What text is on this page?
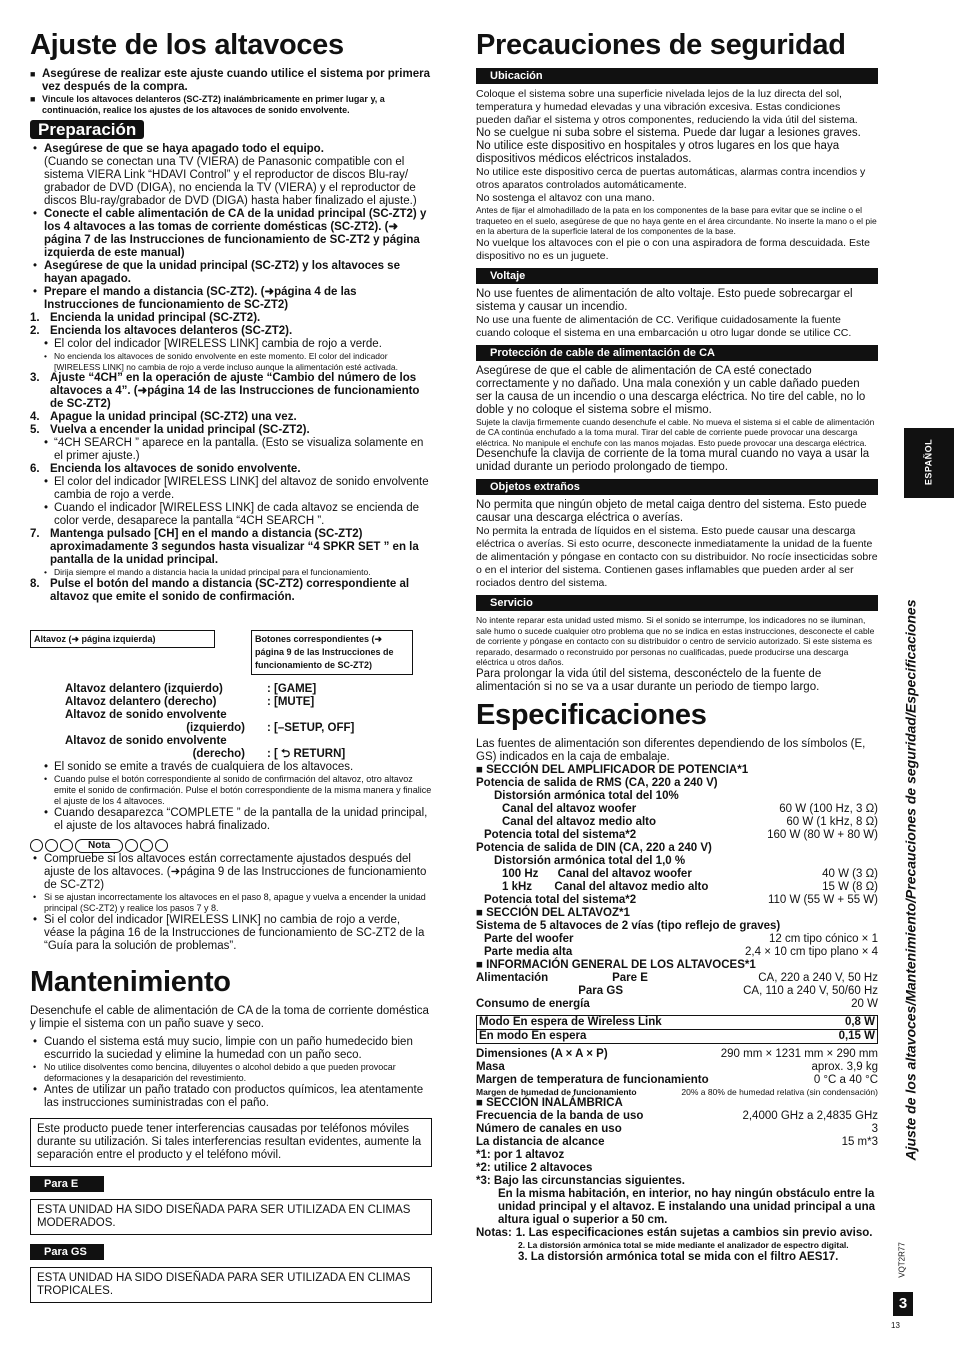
Ajuste de los altavoces
■ Asegúrese de realizar este ajuste cuando utilice el sistema por primera vez después de la compra.
■ Vincule los altavoces delanteros (SC-ZT2) inalámbricamente en primer lugar y, a continuación, realice los ajustes de los altavoces de sonido envolvente.
Preparación
• Asegúrese de que se haya apagado todo el equipo.
(Cuando se conectan una TV (VIERA) de Panasonic compatible con el sistema VIERA Link “HDAVI Control” y el reproductor de discos Blu-ray/ grabador de DVD (DIGA), no encienda la TV (VIERA) y el reproductor de discos Blu-ray/grabador de DVD (DIGA) hasta haber finalizado el ajuste.)
• Conecte el cable alimentación de CA de la unidad principal (SC-ZT2) y los 4 altavoces a las tomas de corriente domésticas (SC-ZT2). (➜ página 7 de las Instrucciones de funcionamiento de SC-ZT2 y página izquierda de este manual)
• Asegúrese de que la unidad principal (SC-ZT2) y los altavoces se hayan apagado.
• Prepare el mando a distancia (SC-ZT2). (➜página 4 de las Instrucciones de funcionamiento de SC-ZT2)
1. Encienda la unidad principal (SC-ZT2).
2. Encienda los altavoces delanteros (SC-ZT2).
• El color del indicador [WIRELESS LINK] cambia de rojo a verde.
• No encienda los altavoces de sonido envolvente en este momento. El color del indicador [WIRELESS LINK] no cambia de rojo a verde incluso aunque la alimentación esté activada.
3. Ajuste “4CH” en la operación de ajuste “Cambio del número de los altavoces a 4”. (➜página 14 de las Instrucciones de funcionamiento de SC-ZT2)
4. Apague la unidad principal (SC-ZT2) una vez.
5. Vuelva a encender la unidad principal (SC-ZT2).
• “4CH SEARCH ” aparece en la pantalla. (Esto se visualiza solamente en el primer ajuste.)
6. Encienda los altavoces de sonido envolvente.
• El color del indicador [WIRELESS LINK] del altavoz de sonido envolvente cambia de rojo a verde.
• Cuando el indicador [WIRELESS LINK] de cada altavoz se encienda de color verde, desaparece la pantalla “4CH SEARCH ”.
7. Mantenga pulsado [CH] en el mando a distancia (SC-ZT2) aproximadamente 3 segundos hasta visualizar “4 SPKR SET ” en la pantalla de la unidad principal.
• Dirija siempre el mando a distancia hacia la unidad principal para el funcionamiento.
8. Pulse el botón del mando a distancia (SC-ZT2) correspondiente al altavoz que emite el sonido de confirmación.
Altavoz (➜ página izquierda)	Botones correspondientes (➜ página 9 de las Instrucciones de funcionamiento de SC-ZT2)
Altavoz delantero (izquierdo)	: [GAME]
Altavoz delantero (derecho)	: [MUTE]
Altavoz de sonido envolvente
(izquierdo)	: [–SETUP, OFF]
Altavoz de sonido envolvente
(derecho)	: [ ⮌ RETURN]
• El sonido se emite a través de cualquiera de los altavoces.
• Cuando pulse el botón correspondiente al sonido de confirmación del altavoz, otro altavoz emite el sonido de confirmación. Pulse el botón correspondiente de la misma manera y finalice el ajuste de los 4 altavoces.
• Cuando desaparezca “COMPLETE ” de la pantalla de la unidad principal, el ajuste de los altavoces habrá finalizado.
Nota
• Compruebe si los altavoces están correctamente ajustados después del ajuste de los altavoces. (➜página 9 de las Instrucciones de funcionamiento de SC-ZT2)
• Si se ajustan incorrectamente los altavoces en el paso 8, apague y vuelva a encender la unidad principal (SC-ZT2) y realice los pasos 7 y 8.
• Si el color del indicador [WIRELESS LINK] no cambia de rojo a verde, véase la página 16 de la Instrucciones de funcionamiento de SC-ZT2 de la “Guía para la solución de problemas”.
Mantenimiento
Desenchufe el cable de alimentación de CA de la toma de corriente doméstica y limpie el sistema con un paño suave y seco.
• Cuando el sistema está muy sucio, limpie con un paño humedecido bien escurrido la suciedad y elimine la humedad con un paño seco.
• No utilice disolventes como bencina, diluyentes o alcohol debido a que pueden provocar deformaciones y la desaparición del revestimiento.
• Antes de utilizar un paño tratado con productos químicos, lea atentamente las instrucciones suministradas con el paño.
Este producto puede tener interferencias causadas por teléfonos móviles durante su utilización. Si tales interferencias resultan evidentes, aumente la separación entre el producto y el teléfono móvil.
Para E
ESTA UNIDAD HA SIDO DISEÑADA PARA SER UTILIZADA EN CLIMAS MODERADOS.
Para GS
ESTA UNIDAD HA SIDO DISEÑADA PARA SER UTILIZADA EN CLIMAS TROPICALES.
Precauciones de seguridad
Ubicación
Coloque el sistema sobre una superficie nivelada lejos de la luz directa del sol, temperatura y humedad elevadas y una vibración excesiva. Estas condiciones pueden dañar el sistema y otros componentes, reduciendo la vida útil del sistema.
No se cuelgue ni suba sobre el sistema. Puede dar lugar a lesiones graves.
No utilice este dispositivo en hospitales y otros lugares en los que haya dispositivos médicos eléctricos instalados.
No utilice este dispositivo cerca de puertas automáticas, alarmas contra incendios y otros aparatos controlados automáticamente.
No sostenga el altavoz con una mano.
Antes de fijar el almohadillado de la pata en los componentes de la base para evitar que se incline o el traqueteo en el suelo, asegúrese de que no haya gente en el área circundante. No inserte la mano o el pie en la abertura de la superficie lateral de los componentes de la base.
No vuelque los altavoces con el pie o con una aspiradora de forma descuidada. Este dispositivo no es un juguete.
Voltaje
No use fuentes de alimentación de alto voltaje. Esto puede sobrecargar el sistema y causar un incendio.
No use una fuente de alimentación de CC. Verifique cuidadosamente la fuente cuando coloque el sistema en una embarcación u otro lugar donde se utilice CC.
Protección de cable de alimentación de CA
Asegúrese de que el cable de alimentación de CA esté conectado correctamente y no dañado. Una mala conexión y un cable dañado pueden ser la causa de un incendio o una descarga eléctrica. No tire del cable, no lo doble y no coloque el sistema sobre el mismo.
Sujete la clavija firmemente cuando desenchufe el cable. No mueva el sistema si el cable de alimentación de CA continúa enchufado a la toma mural. Tirar del cable de corriente puede provocar una descarga eléctrica. No manipule el enchufe con las manos mojadas. Esto puede provocar una descarga eléctrica.
Desenchufe la clavija de corriente de la toma mural cuando no vaya a usar la unidad durante un periodo prolongado de tiempo.
Objetos extraños
No permita que ningún objeto de metal caiga dentro del sistema. Esto puede causar una descarga eléctrica o averías.
No permita la entrada de líquidos en el sistema. Esto puede causar una descarga eléctrica o averías. Si esto ocurre, desconecte inmediatamente la unidad de la fuente de alimentación y póngase en contacto con su distribuidor. No rocíe insecticidas sobre o en el interior del sistema. Contienen gases inflamables que pueden arder al ser rociados dentro del sistema.
Servicio
No intente reparar esta unidad usted mismo. Si el sonido se interrumpe, los indicadores no se iluminan, sale humo o sucede cualquier otro problema que no se indica en estas instrucciones, desconecte el cable de corriente y póngase en contacto con su distribuidor o centro de servicio autorizado. Si este sistema es reparado, desarmado o reconstruido por personas no cualificadas, puede producirse una descarga eléctrica u otros daños.
Para prolongar la vida útil del sistema, desconéctelo de la fuente de alimentación si no se va a usar durante un periodo de tiempo largo.
Especificaciones
Las fuentes de alimentación son diferentes dependiendo de los símbolos (E, GS) indicados en la caja de embalaje.
■ SECCIÓN DEL AMPLIFICADOR DE POTENCIA*1
Potencia de salida de RMS (CA, 220 a 240 V)
Distorsión armónica total del 10%
Canal del altavoz woofer	60 W (100 Hz, 3 Ω)
Canal del altavoz medio alto	60 W (1 kHz, 8 Ω)
Potencia total del sistema*2	160 W (80 W + 80 W)
Potencia de salida de DIN (CA, 220 a 240 V)
Distorsión armónica total del 1,0 %
100 Hz      Canal del altavoz woofer	40 W (3 Ω)
1 kHz       Canal del altavoz medio alto	15 W (8 Ω)
Potencia total del sistema*2	110 W (55 W + 55 W)
■ SECCIÓN DEL ALTAVOZ*1
Sistema de 5 altavoces de 2 vías (tipo reflejo de graves)
Parte del woofer	12 cm tipo cónico × 1
Parte media alta	2,4 × 10 cm tipo plano × 4
■ INFORMACIÓN GENERAL DE LOS ALTAVOCES*1
Alimentación                    Pare E	CA, 220 a 240 V, 50 Hz
Para GS	CA, 110 a 240 V, 50/60 Hz
Consumo de energía	20 W
Modo En espera de Wireless Link	0,8 W
En modo En espera	0,15 W
Dimensiones (A × A × P)	290 mm × 1231 mm × 290 mm
Masa	aprox. 3,9 kg
Margen de temperatura de funcionamiento	0 °C a 40 °C
Margen de humedad de funcionamiento	20% a 80% de humedad relativa (sin condensación)
■ SECCIÓN INALÁMBRICA
Frecuencia de la banda de uso	2,4000 GHz a 2,4835 GHz
Número de canales en uso	3
La distancia de alcance	15 m*3
*1: por 1 altavoz
*2: utilice 2 altavoces
*3: Bajo las circunstancias siguientes.
En la misma habitación, en interior, no hay ningún obstáculo entre la unidad principal y el altavoz. E instalando una unidad principal a una altura igual o superior a 50 cm.
Notas: 1. Las especificaciones están sujetas a cambios sin previo aviso.
2. La distorsión armónica total se mide mediante el analizador de espectro digital.
3. La distorsión armónica total se mida con el filtro AES17.
ESPAÑOL
Ajuste de los altavoces/Mantenimiento/Precauciones de seguridad/Especificaciones
VQT2R77
3
13
